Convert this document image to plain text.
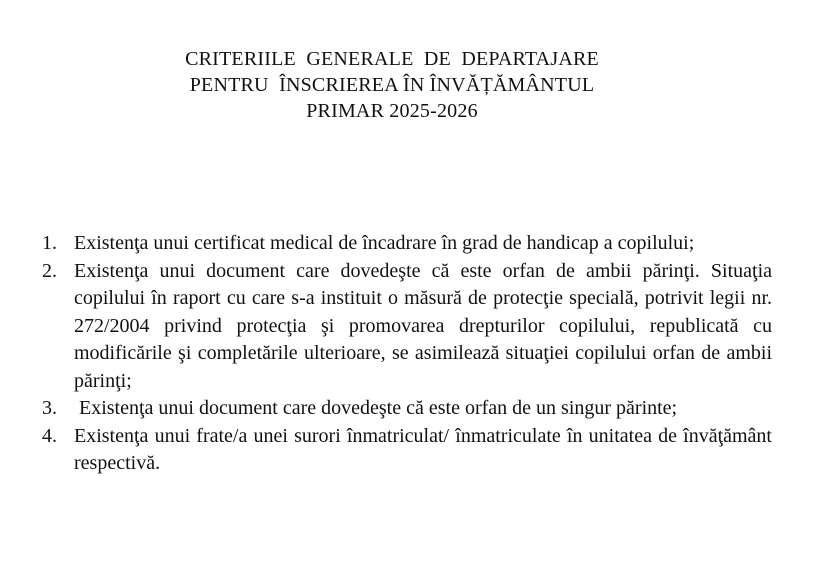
CRITERIILE  GENERALE  DE  DEPARTAJARE
PENTRU  ÎNSCRIEREA ÎN ÎNVĂȚĂMÂNTUL
PRIMAR 2025-2026
1. Existenţa unui certificat medical de încadrare în grad de handicap a copilului;
2. Existenţa unui document care dovedeşte că este orfan de ambii părinţi. Situaţia copilului în raport cu care s-a instituit o măsură de protecţie specială, potrivit legii nr. 272/2004 privind protecţia şi promovarea drepturilor copilului, republicată cu modificările şi completările ulterioare, se asimilează situaţiei copilului orfan de ambii părinţi;
3. Existenţa unui document care dovedeşte că este orfan de un singur părinte;
4. Existenţa unui frate/a unei surori înmatriculat/ înmatriculate în unitatea de învăţământ respectivă.
